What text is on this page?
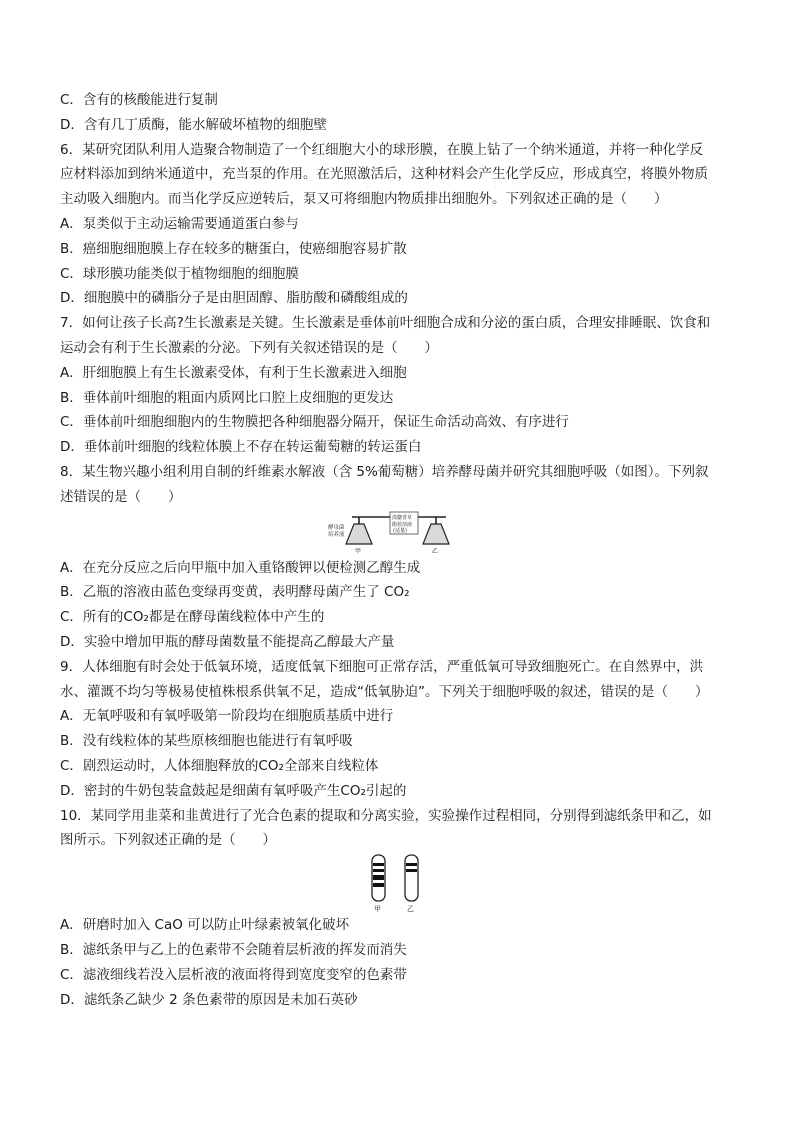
C．含有的核酸能进行复制
D．含有几丁质酶，能水解破坏植物的细胞壁
6．某研究团队利用人造聚合物制造了一个红细胞大小的球形膜，在膜上钻了一个纳米通道，并将一种化学反
应材料添加到纳米通道中，充当泵的作用。在光照激活后，这种材料会产生化学反应，形成真空，将膜外物质
主动吸入细胞内。而当化学反应逆转后，泵又可将细胞内物质排出细胞外。下列叙述正确的是（　　）
A．泵类似于主动运输需要通道蛋白参与
B．癌细胞细胞膜上存在较多的糖蛋白，使癌细胞容易扩散
C．球形膜功能类似于植物细胞的细胞膜
D．细胞膜中的磷脂分子是由胆固醇、脂肪酸和磷酸组成的
7．如何让孩子长高?生长激素是关键。生长激素是垂体前叶细胞合成和分泌的蛋白质，合理安排睡眠、饮食和
运动会有利于生长激素的分泌。下列有关叙述错误的是（　　）
A．肝细胞膜上有生长激素受体，有利于生长激素进入细胞
B．垂体前叶细胞的粗面内质网比口腔上皮细胞的更发达
C．垂体前叶细胞细胞内的生物膜把各种细胞器分隔开，保证生命活动高效、有序进行
D．垂体前叶细胞的线粒体膜上不存在转运葡萄糖的转运蛋白
8．某生物兴趣小组利用自制的纤维素水解液（含 5%葡萄糖）培养酵母菌并研究其细胞呼吸（如图）。下列叙
述错误的是（　　）
酵母菌
培养液
溴麝香草
酚蓝溶液
(适量)
甲	乙
A．在充分反应之后向甲瓶中加入重铬酸钾以便检测乙醇生成
B．乙瓶的溶液由蓝色变绿再变黄，表明酵母菌产生了 CO₂
C．所有的CO₂都是在酵母菌线粒体中产生的
D．实验中增加甲瓶的酵母菌数量不能提高乙醇最大产量
9．人体细胞有时会处于低氧环境，适度低氧下细胞可正常存活，严重低氧可导致细胞死亡。在自然界中，洪
水、灌溉不均匀等极易使植株根系供氧不足，造成“低氧胁迫”。下列关于细胞呼吸的叙述，错误的是（　　）
A．无氧呼吸和有氧呼吸第一阶段均在细胞质基质中进行
B．没有线粒体的某些原核细胞也能进行有氧呼吸
C．剧烈运动时，人体细胞释放的CO₂全部来自线粒体
D．密封的牛奶包装盒鼓起是细菌有氧呼吸产生CO₂引起的
10．某同学用韭菜和韭黄进行了光合色素的提取和分离实验，实验操作过程相同，分别得到滤纸条甲和乙，如
图所示。下列叙述正确的是（　　）
甲	乙
A．研磨时加入 CaO 可以防止叶绿素被氧化破坏
B．滤纸条甲与乙上的色素带不会随着层析液的挥发而消失
C．滤液细线若没入层析液的液面将得到宽度变窄的色素带
D．滤纸条乙缺少 2 条色素带的原因是未加石英砂
